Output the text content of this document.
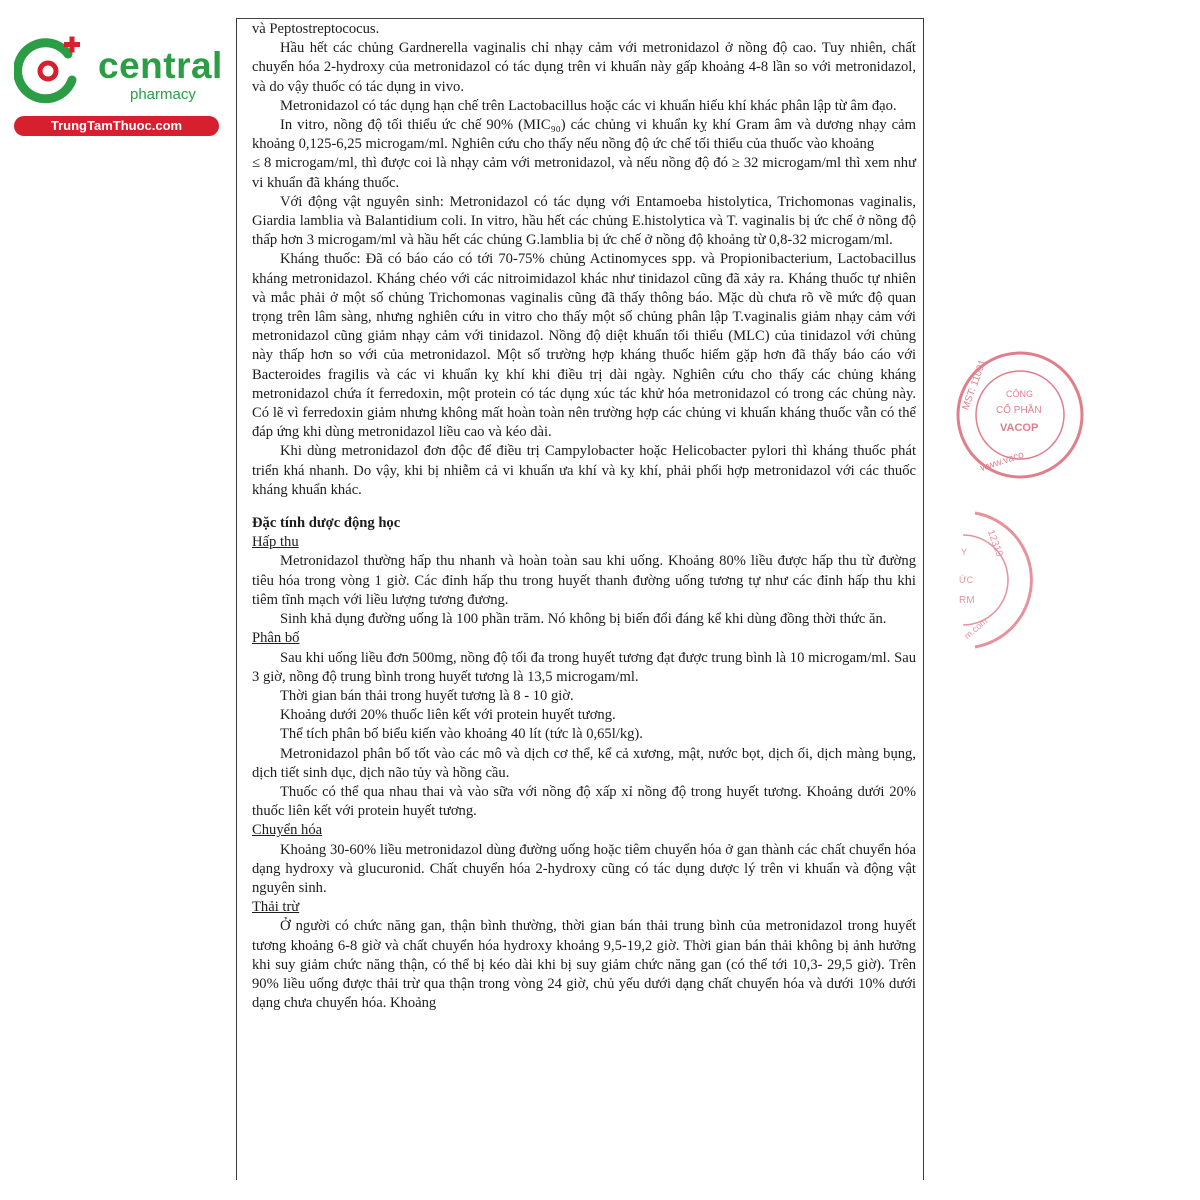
central
pharmacy
TrungTamThuoc.com

và Peptostreptococus.

Hầu hết các chủng Gardnerella vaginalis chỉ nhạy cảm với metronidazol ở nồng độ cao. Tuy nhiên, chất chuyển hóa 2-hydroxy của metronidazol có tác dụng trên vi khuẩn này gấp khoảng 4-8 lần so với metronidazol, và do vậy thuốc có tác dụng in vivo.

Metronidazol có tác dụng hạn chế trên Lactobacillus hoặc các vi khuẩn hiếu khí khác phân lập từ âm đạo.

In vitro, nồng độ tối thiểu ức chế 90% (MIC₉₀) các chủng vi khuẩn kỵ khí Gram âm và dương nhạy cảm khoảng 0,125-6,25 microgam/ml. Nghiên cứu cho thấy nếu nồng độ ức chế tối thiểu của thuốc vào khoảng

≤ 8 microgam/ml, thì được coi là nhạy cảm với metronidazol, và nếu nồng độ đó ≥ 32 microgam/ml thì xem như vi khuẩn đã kháng thuốc.

Với động vật nguyên sinh: Metronidazol có tác dụng với Entamoeba histolytica, Trichomonas vaginalis, Giardia lamblia và Balantidium coli. In vitro, hầu hết các chủng E.histolytica và T. vaginalis bị ức chế ở nồng độ thấp hơn 3 microgam/ml và hầu hết các chủng G.lamblia bị ức chế ở nồng độ khoảng từ 0,8-32 microgam/ml.

Kháng thuốc: Đã có báo cáo có tới 70-75% chủng Actinomyces spp. và Propionibacterium, Lactobacillus kháng metronidazol. Kháng chéo với các nitroimidazol khác như tinidazol cũng đã xảy ra. Kháng thuốc tự nhiên và mắc phải ở một số chủng Trichomonas vaginalis cũng đã thấy thông báo. Mặc dù chưa rõ về mức độ quan trọng trên lâm sàng, nhưng nghiên cứu in vitro cho thấy một số chủng phân lập T.vaginalis giảm nhạy cảm với metronidazol cũng giảm nhạy cảm với tinidazol. Nồng độ diệt khuẩn tối thiểu (MLC) của tinidazol với chủng này thấp hơn so với của metronidazol. Một số trường hợp kháng thuốc hiếm gặp hơn đã thấy báo cáo với Bacteroides fragilis và các vi khuẩn kỵ khí khi điều trị dài ngày. Nghiên cứu cho thấy các chủng kháng metronidazol chứa ít ferredoxin, một protein có tác dụng xúc tác khử hóa metronidazol có trong các chủng này. Có lẽ vì ferredoxin giảm nhưng không mất hoàn toàn nên trường hợp các chủng vi khuẩn kháng thuốc vẫn có thể đáp ứng khi dùng metronidazol liều cao và kéo dài.

Khi dùng metronidazol đơn độc để điều trị Campylobacter hoặc Helicobacter pylori thì kháng thuốc phát triển khá nhanh. Do vậy, khi bị nhiễm cả vi khuẩn ưa khí và kỵ khí, phải phối hợp metronidazol với các thuốc kháng khuẩn khác.

Đặc tính dược động học

Hấp thu

Metronidazol thường hấp thu nhanh và hoàn toàn sau khi uống. Khoảng 80% liều được hấp thu từ đường tiêu hóa trong vòng 1 giờ. Các đỉnh hấp thu trong huyết thanh đường uống tương tự như các đỉnh hấp thu khi tiêm tĩnh mạch với liều lượng tương đương.

Sinh khả dụng đường uống là 100 phần trăm. Nó không bị biến đổi đáng kể khi dùng đồng thời thức ăn.

Phân bố

Sau khi uống liều đơn 500mg, nồng độ tối đa trong huyết tương đạt được trung bình là 10 microgam/ml. Sau 3 giờ, nồng độ trung bình trong huyết tương là 13,5 microgam/ml.

Thời gian bán thải trong huyết tương là 8 - 10 giờ.

Khoảng dưới 20% thuốc liên kết với protein huyết tương.

Thể tích phân bố biểu kiến vào khoảng 40 lít (tức là 0,65l/kg).

Metronidazol phân bố tốt vào các mô và dịch cơ thể, kể cả xương, mật, nước bọt, dịch ối, dịch màng bụng, dịch tiết sinh dục, dịch não tủy và hồng cầu.

Thuốc có thể qua nhau thai và vào sữa với nồng độ xấp xỉ nồng độ trong huyết tương. Khoảng dưới 20% thuốc liên kết với protein huyết tương.

Chuyển hóa

Khoảng 30-60% liều metronidazol dùng đường uống hoặc tiêm chuyển hóa ở gan thành các chất chuyển hóa dạng hydroxy và glucuronid. Chất chuyển hóa 2-hydroxy cũng có tác dụng dược lý trên vi khuẩn và động vật nguyên sinh.

Thải trừ

Ở người có chức năng gan, thận bình thường, thời gian bán thải trung bình của metronidazol trong huyết tương khoảng 6-8 giờ và chất chuyển hóa hydroxy khoảng 9,5-19,2 giờ. Thời gian bán thải không bị ảnh hưởng khi suy giảm chức năng thận, có thể bị kéo dài khi bị suy giảm chức năng gan (có thể tới 10,3- 29,5 giờ). Trên 90% liều uống được thải trừ qua thận trong vòng 24 giờ, chủ yếu dưới dạng chất chuyển hóa và dưới 10% dưới dạng chưa chuyển hóa. Khoảng

MST: 11001 CÔNG
CỔ PHẦN
VACOP
www.vaco
12319
Y
ỨC
RM
m.com
